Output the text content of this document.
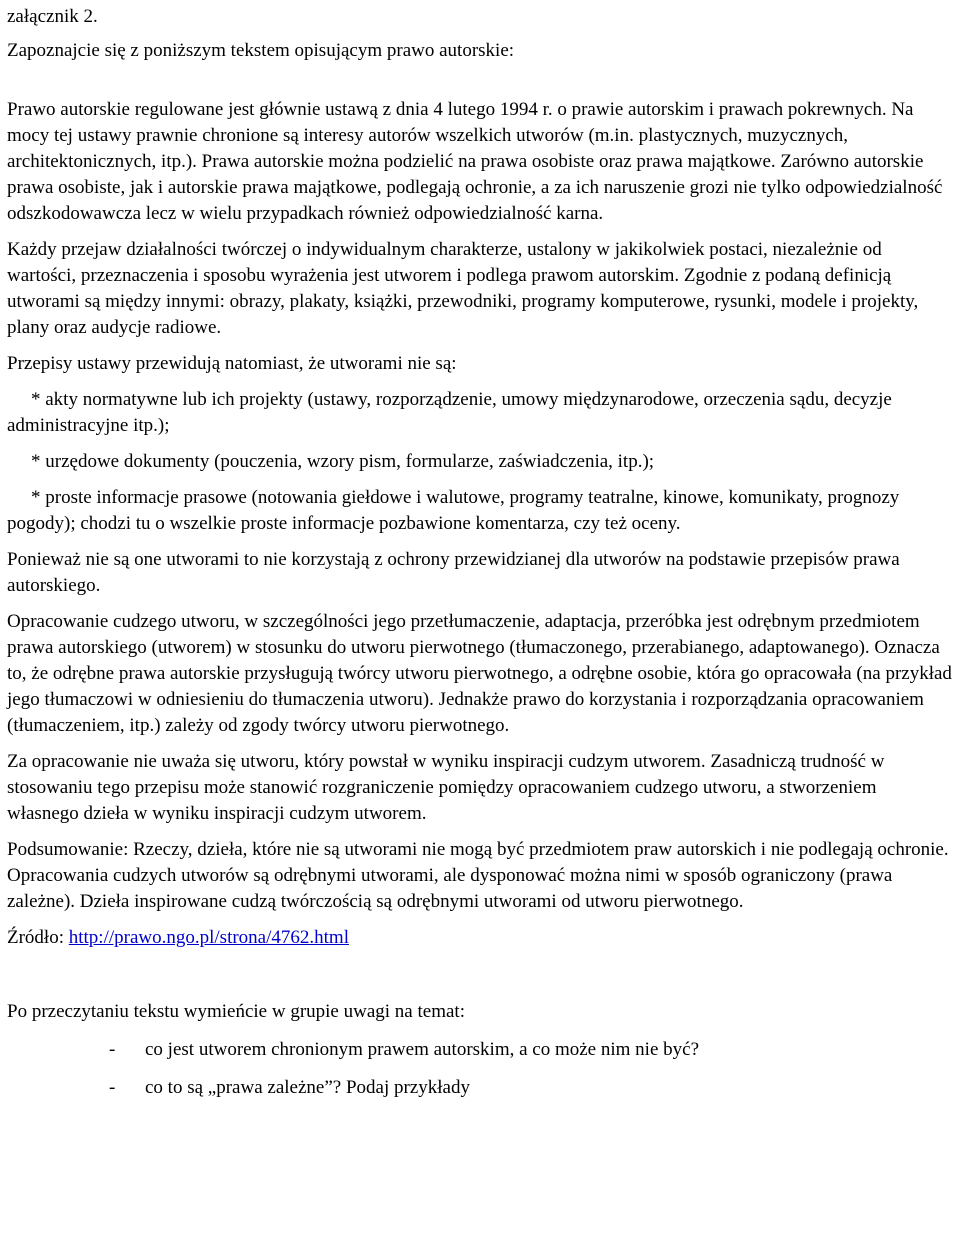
załącznik 2.

Zapoznajcie się z poniższym tekstem opisującym prawo autorskie:

Prawo autorskie regulowane jest głównie ustawą z dnia 4 lutego 1994 r. o prawie autorskim i prawach pokrewnych. Na mocy tej ustawy prawnie chronione są interesy autorów wszelkich utworów (m.in. plastycznych, muzycznych, architektonicznych, itp.). Prawa autorskie można podzielić na prawa osobiste oraz prawa majątkowe. Zarówno autorskie prawa osobiste, jak i autorskie prawa majątkowe, podlegają ochronie, a za ich naruszenie grozi nie tylko odpowiedzialność odszkodowawcza lecz w wielu przypadkach również odpowiedzialność karna.

Każdy przejaw działalności twórczej o indywidualnym charakterze, ustalony w jakikolwiek postaci, niezależnie od wartości, przeznaczenia i sposobu wyrażenia jest utworem i podlega prawom autorskim. Zgodnie z podaną definicją utworami są między innymi: obrazy, plakaty, książki, przewodniki, programy komputerowe, rysunki, modele i projekty, plany oraz audycje radiowe.

Przepisy ustawy przewidują natomiast, że utworami nie są:

* akty normatywne lub ich projekty (ustawy, rozporządzenie, umowy międzynarodowe, orzeczenia sądu, decyzje administracyjne itp.);

* urzędowe dokumenty (pouczenia, wzory pism, formularze, zaświadczenia, itp.);

* proste informacje prasowe (notowania giełdowe i walutowe, programy teatralne, kinowe, komunikaty, prognozy pogody); chodzi tu o wszelkie proste informacje pozbawione komentarza, czy też oceny.

Ponieważ nie są one utworami to nie korzystają z ochrony przewidzianej dla utworów na podstawie przepisów prawa autorskiego.

Opracowanie cudzego utworu, w szczególności jego przetłumaczenie, adaptacja, przeróbka jest odrębnym przedmiotem prawa autorskiego (utworem) w stosunku do utworu pierwotnego (tłumaczonego, przerabianego, adaptowanego). Oznacza to, że odrębne prawa autorskie przysługują twórcy utworu pierwotnego, a odrębne osobie, która go opracowała (na przykład jego tłumaczowi w odniesieniu do tłumaczenia utworu). Jednakże prawo do korzystania i rozporządzania opracowaniem (tłumaczeniem, itp.) zależy od zgody twórcy utworu pierwotnego.

Za opracowanie nie uważa się utworu, który powstał w wyniku inspiracji cudzym utworem. Zasadniczą trudność w stosowaniu tego przepisu może stanowić rozgraniczenie pomiędzy opracowaniem cudzego utworu, a stworzeniem własnego dzieła w wyniku inspiracji cudzym utworem.

Podsumowanie: Rzeczy, dzieła, które nie są utworami nie mogą być przedmiotem praw autorskich i nie podlegają ochronie. Opracowania cudzych utworów są odrębnymi utworami, ale dysponować można nimi w sposób ograniczony (prawa zależne). Dzieła inspirowane cudzą twórczością są odrębnymi utworami od utworu pierwotnego.

Źródło: http://prawo.ngo.pl/strona/4762.html

Po przeczytaniu tekstu wymieńcie w grupie uwagi na temat:

-	co jest utworem chronionym prawem autorskim, a co może nim nie być?
-	co to są „prawa zależne”? Podaj przykłady
